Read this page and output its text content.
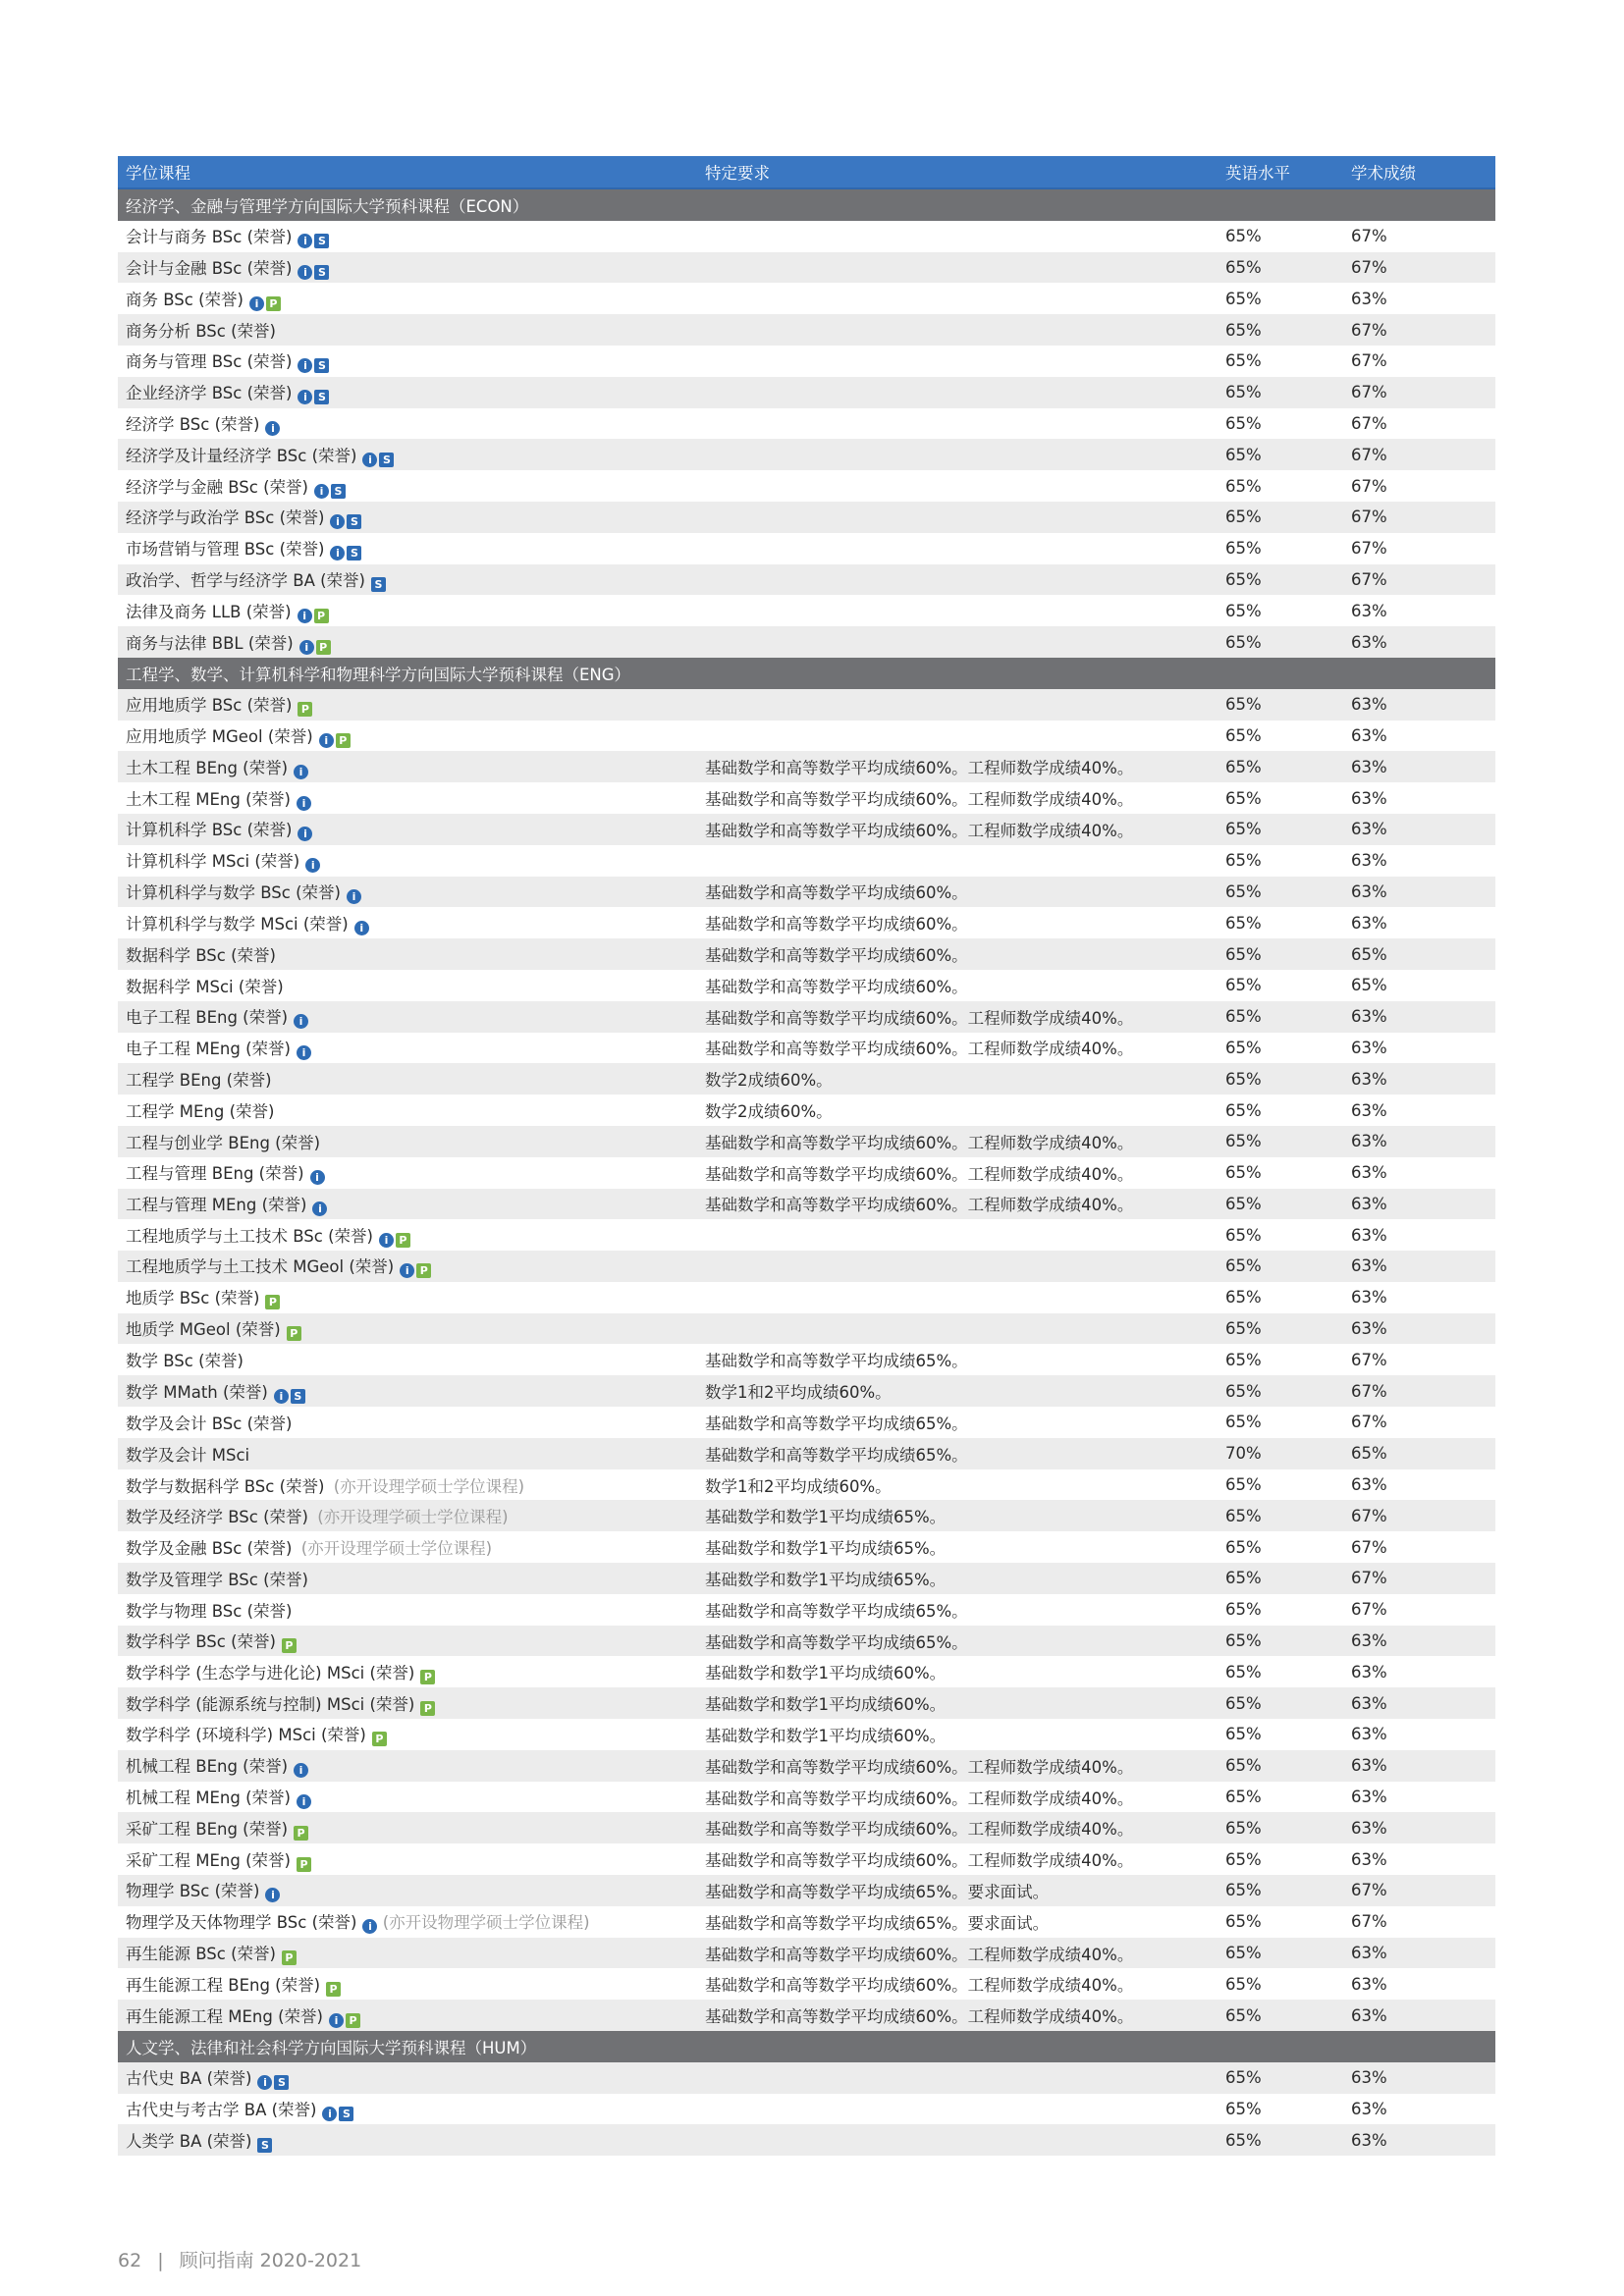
学位课程	特定要求	英语水平	学术成绩
经济学、金融与管理学方向国际大学预科课程（ECON）			
会计与商务 BSc (荣誉) i S		65%	67%
会计与金融 BSc (荣誉) i S		65%	67%
商务 BSc (荣誉) i P		65%	63%
商务分析 BSc (荣誉)		65%	67%
商务与管理 BSc (荣誉) i S		65%	67%
企业经济学 BSc (荣誉) i S		65%	67%
经济学 BSc (荣誉) i		65%	67%
经济学及计量经济学 BSc (荣誉) i S		65%	67%
经济学与金融 BSc (荣誉) i S		65%	67%
经济学与政治学 BSc (荣誉) i S		65%	67%
市场营销与管理 BSc (荣誉) i S		65%	67%
政治学、哲学与经济学 BA (荣誉) S		65%	67%
法律及商务 LLB (荣誉) i P		65%	63%
商务与法律 BBL (荣誉) i P		65%	63%
工程学、数学、计算机科学和物理科学方向国际大学预科课程（ENG）			
应用地质学 BSc (荣誉) P		65%	63%
应用地质学 MGeol (荣誉) i P		65%	63%
土木工程 BEng (荣誉) i	基础数学和高等数学平均成绩60%。工程师数学成绩40%。	65%	63%
土木工程 MEng (荣誉) i	基础数学和高等数学平均成绩60%。工程师数学成绩40%。	65%	63%
计算机科学 BSc (荣誉) i	基础数学和高等数学平均成绩60%。工程师数学成绩40%。	65%	63%
计算机科学 MSci (荣誉) i		65%	63%
计算机科学与数学 BSc (荣誉) i	基础数学和高等数学平均成绩60%。	65%	63%
计算机科学与数学 MSci (荣誉) i	基础数学和高等数学平均成绩60%。	65%	63%
数据科学 BSc (荣誉)	基础数学和高等数学平均成绩60%。	65%	65%
数据科学 MSci (荣誉)	基础数学和高等数学平均成绩60%。	65%	65%
电子工程 BEng (荣誉) i	基础数学和高等数学平均成绩60%。工程师数学成绩40%。	65%	63%
电子工程 MEng (荣誉) i	基础数学和高等数学平均成绩60%。工程师数学成绩40%。	65%	63%
工程学 BEng (荣誉)	数学2成绩60%。	65%	63%
工程学 MEng (荣誉)	数学2成绩60%。	65%	63%
工程与创业学 BEng (荣誉)	基础数学和高等数学平均成绩60%。工程师数学成绩40%。	65%	63%
工程与管理 BEng (荣誉) i	基础数学和高等数学平均成绩60%。工程师数学成绩40%。	65%	63%
工程与管理 MEng (荣誉) i	基础数学和高等数学平均成绩60%。工程师数学成绩40%。	65%	63%
工程地质学与土工技术 BSc (荣誉) i P		65%	63%
工程地质学与土工技术 MGeol (荣誉) i P		65%	63%
地质学 BSc (荣誉) P		65%	63%
地质学 MGeol (荣誉) P		65%	63%
数学 BSc (荣誉)	基础数学和高等数学平均成绩65%。	65%	67%
数学 MMath (荣誉) i S	数学1和2平均成绩60%。	65%	67%
数学及会计 BSc (荣誉)	基础数学和高等数学平均成绩65%。	65%	67%
数学及会计 MSci	基础数学和高等数学平均成绩65%。	70%	65%
数学与数据科学 BSc (荣誉) (亦开设理学硕士学位课程)	数学1和2平均成绩60%。	65%	63%
数学及经济学 BSc (荣誉) (亦开设理学硕士学位课程)	基础数学和数学1平均成绩65%。	65%	67%
数学及金融 BSc (荣誉) (亦开设理学硕士学位课程)	基础数学和数学1平均成绩65%。	65%	67%
数学及管理学 BSc (荣誉)	基础数学和数学1平均成绩65%。	65%	67%
数学与物理 BSc (荣誉)	基础数学和高等数学平均成绩65%。	65%	67%
数学科学 BSc (荣誉) P	基础数学和高等数学平均成绩65%。	65%	63%
数学科学 (生态学与进化论) MSci (荣誉) P	基础数学和数学1平均成绩60%。	65%	63%
数学科学 (能源系统与控制) MSci (荣誉) P	基础数学和数学1平均成绩60%。	65%	63%
数学科学 (环境科学) MSci (荣誉) P	基础数学和数学1平均成绩60%。	65%	63%
机械工程 BEng (荣誉) i	基础数学和高等数学平均成绩60%。工程师数学成绩40%。	65%	63%
机械工程 MEng (荣誉) i	基础数学和高等数学平均成绩60%。工程师数学成绩40%。	65%	63%
采矿工程 BEng (荣誉) P	基础数学和高等数学平均成绩60%。工程师数学成绩40%。	65%	63%
采矿工程 MEng (荣誉) P	基础数学和高等数学平均成绩60%。工程师数学成绩40%。	65%	63%
物理学 BSc (荣誉) i	基础数学和高等数学平均成绩65%。要求面试。	65%	67%
物理学及天体物理学 BSc (荣誉) i (亦开设物理学硕士学位课程)	基础数学和高等数学平均成绩65%。要求面试。	65%	67%
再生能源 BSc (荣誉) P	基础数学和高等数学平均成绩60%。工程师数学成绩40%。	65%	63%
再生能源工程 BEng (荣誉) P	基础数学和高等数学平均成绩60%。工程师数学成绩40%。	65%	63%
再生能源工程 MEng (荣誉) i P	基础数学和高等数学平均成绩60%。工程师数学成绩40%。	65%	63%
人文学、法律和社会科学方向国际大学预科课程（HUM）			
古代史 BA (荣誉) i S		65%	63%
古代史与考古学 BA (荣誉) i S		65%	63%
人类学 BA (荣誉) S		65%	63%
62 | 顾问指南 2020-2021
